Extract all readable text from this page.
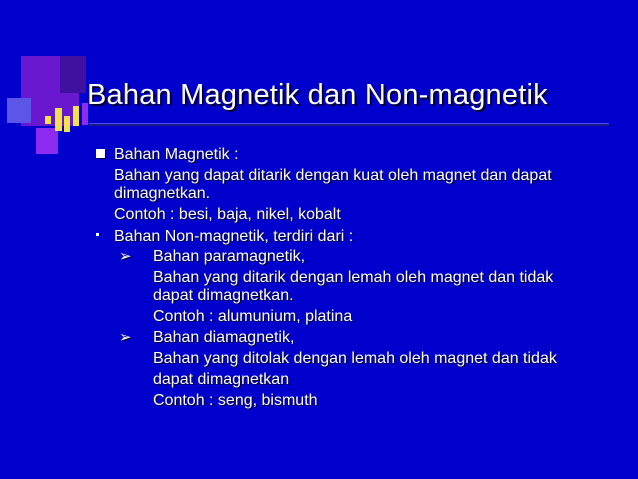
Bahan Magnetik dan Non-magnetik
Bahan Magnetik :
Bahan yang dapat ditarik dengan kuat oleh magnet dan dapat
dimagnetkan.
Contoh : besi, baja, nikel, kobalt
Bahan Non-magnetik, terdiri dari :
➢ Bahan paramagnetik,
Bahan yang ditarik dengan lemah oleh magnet dan tidak
dapat dimagnetkan.
Contoh : alumunium, platina
➢ Bahan diamagnetik,
Bahan yang ditolak dengan lemah oleh magnet dan tidak
dapat dimagnetkan
Contoh : seng, bismuth
